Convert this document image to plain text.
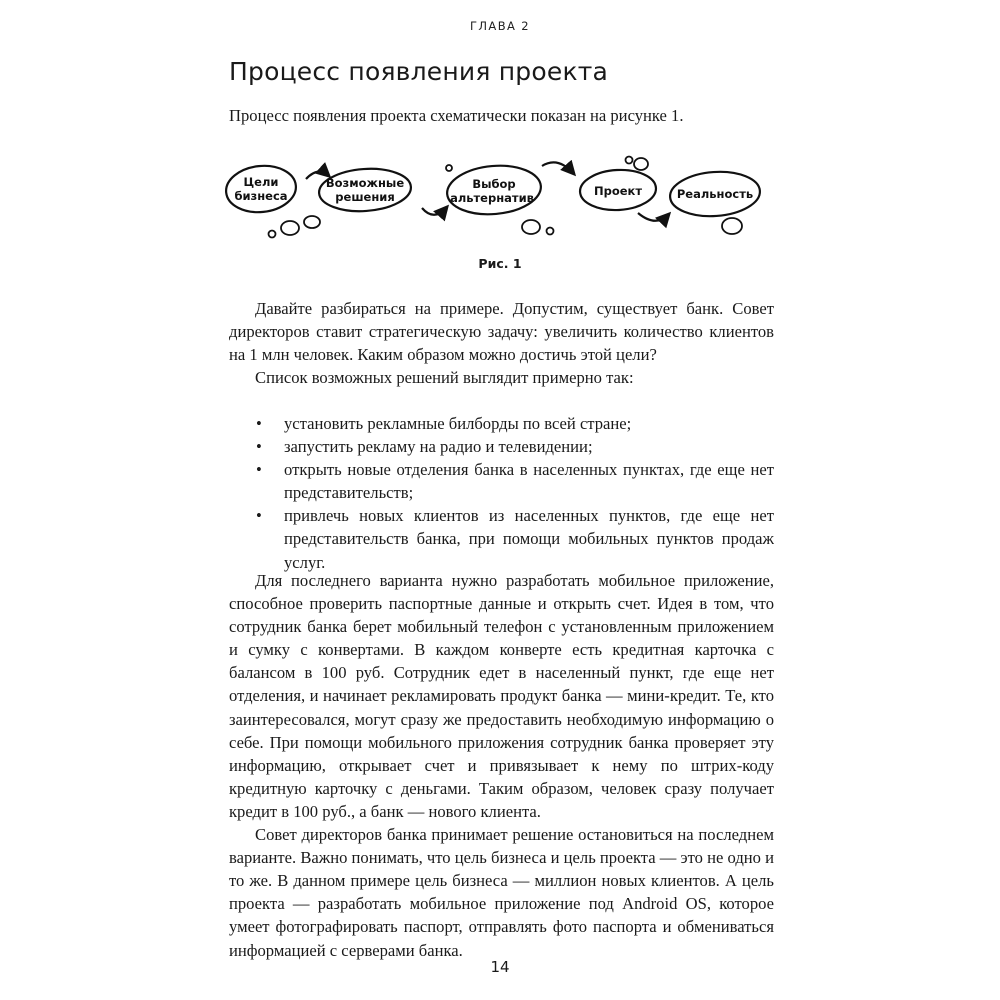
ГЛАВА 2
Процесс появления проекта

Процесс появления проекта схематически показан на рисунке 1.

Цели
бизнеса
Возможные
решения
Выбор
альтернатив	Проект	Реальность
Рис. 1

Давайте разбираться на примере. Допустим, существует банк. Совет директоров ставит стратегическую задачу: увеличить количество клиентов на 1 млн человек. Каким образом можно достичь этой цели?

Список возможных решений выглядит примерно так:

• установить рекламные билборды по всей стране;
• запустить рекламу на радио и телевидении;
• открыть новые отделения банка в населенных пунктах, где еще нет представительств;
• привлечь новых клиентов из населенных пунктов, где еще нет представительств банка, при помощи мобильных пунктов продаж услуг.

Для последнего варианта нужно разработать мобильное приложение, способное проверить паспортные данные и открыть счет. Идея в том, что сотрудник банка берет мобильный телефон с установленным приложением и сумку с конвертами. В каждом конверте есть кредитная карточка с балансом в 100 руб. Сотрудник едет в населенный пункт, где еще нет отделения, и начинает рекламировать продукт банка — мини-кредит. Те, кто заинтересовался, могут сразу же предоставить необходимую информацию о себе. При помощи мобильного приложения сотрудник банка проверяет эту информацию, открывает счет и привязывает к нему по штрих-коду кредитную карточку с деньгами. Таким образом, человек сразу получает кредит в 100 руб., а банк — нового клиента.

Совет директоров банка принимает решение остановиться на последнем варианте. Важно понимать, что цель бизнеса и цель проекта — это не одно и то же. В данном примере цель бизнеса — миллион новых клиентов. А цель проекта — разработать мобильное приложение под Android OS, которое умеет фотографировать паспорт, отправлять фото паспорта и обмениваться информацией с серверами банка.

14
